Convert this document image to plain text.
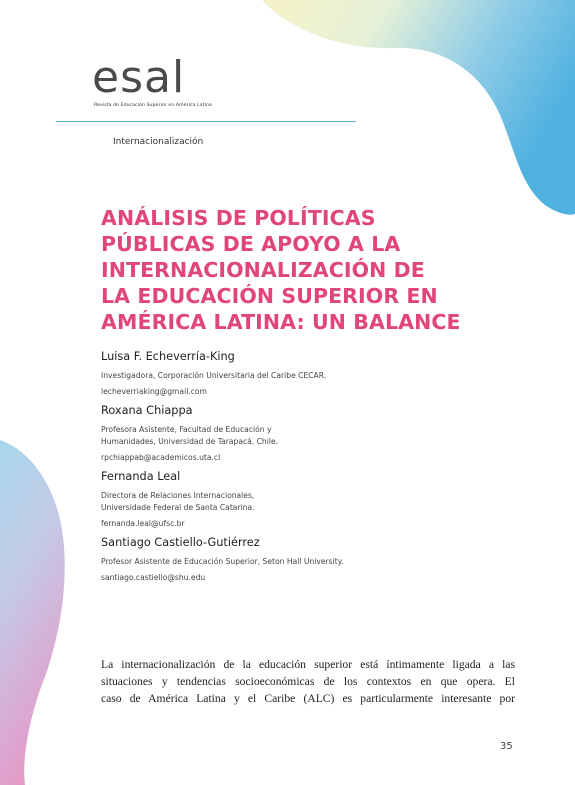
esal
Revista de Educación Superior en América Latina
Internacionalización
ANÁLISIS DE POLÍTICAS
PÚBLICAS DE APOYO A LA
INTERNACIONALIZACIÓN DE
LA EDUCACIÓN SUPERIOR EN
AMÉRICA LATINA: UN BALANCE
Luisa F. Echeverría-King
Investigadora, Corporación Universitaria del Caribe CECAR.
lecheverriaking@gmail.com
Roxana Chiappa
Profesora Asistente, Facultad de Educación y
Humanidades, Universidad de Tarapacá, Chile.
rpchiappab@academicos.uta.cl
Fernanda Leal
Directora de Relaciones Internacionales,
Universidade Federal de Santa Catarina.
fernanda.leal@ufsc.br
Santiago Castiello-Gutiérrez
Profesor Asistente de Educación Superior, Seton Hall University.
santiago.castiello@shu.edu
La internacionalización de la educación superior está íntimamente ligada a las
situaciones y tendencias socioeconómicas de los contextos en que opera. El
caso de América Latina y el Caribe (ALC) es particularmente interesante por
35
